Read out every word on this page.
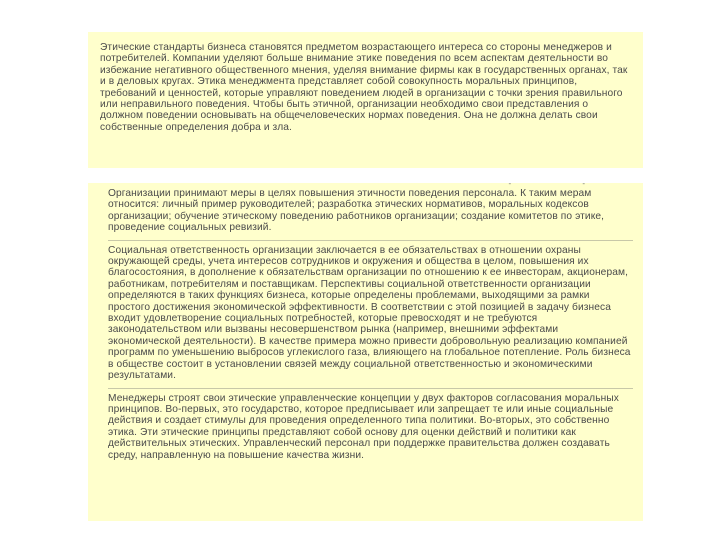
Этические стандарты бизнеса становятся предметом возрастающего интереса со стороны менеджеров и потребителей. Компании уделяют больше внимание этике поведения по всем аспектам деятельности во избежание негативного общественного мнения, уделяя внимание фирмы как в государственных органах, так и в деловых кругах. Этика менеджмента представляет собой совокупность моральных принципов, требований и ценностей, которые управляют поведением людей в организации с точки зрения правильного или неправильного поведения. Чтобы быть этичной, организации необходимо свои представления о должном поведении основывать на общечеловеческих нормах поведения. Она не должна делать свои собственные определения добра и зла.

-                                -

Организации принимают меры в целях повышения этичности поведения персонала. К таким мерам относится: личный пример руководителей; разработка этических нормативов, моральных кодексов организации; обучение этическому поведению работников организации; создание комитетов по этике, проведение социальных ревизий.

Социальная ответственность организации заключается в ее обязательствах в отношении охраны окружающей среды, учета интересов сотрудников и окружения и общества в целом, повышения их благосостояния, в дополнение к обязательствам организации по отношению к ее инвесторам, акционерам, работникам, потребителям и поставщикам. Перспективы социальной ответственности организации определяются в таких функциях бизнеса, которые определены проблемами, выходящими за рамки простого достижения экономической эффективности. В соответствии с этой позицией в задачу бизнеса входит удовлетворение социальных потребностей, которые превосходят и не требуются законодательством или вызваны несовершенством рынка (например, внешними эффектами экономической деятельности). В качестве примера можно привести добровольную реализацию компанией программ по уменьшению выбросов углекислого газа, влияющего на глобальное потепление. Роль бизнеса в обществе состоит в установлении связей между социальной ответственностью и экономическими результатами.

Менеджеры строят свои этические управленческие концепции у двух факторов согласования моральных принципов. Во-первых, это государство, которое предписывает или запрещает те или иные социальные действия и создает стимулы для проведения определенного типа политики. Во-вторых, это собственно этика. Эти этические принципы представляют собой основу для оценки действий и политики как действительных этических. Управленческий персонал при поддержке правительства должен создавать среду, направленную на повышение качества жизни.
